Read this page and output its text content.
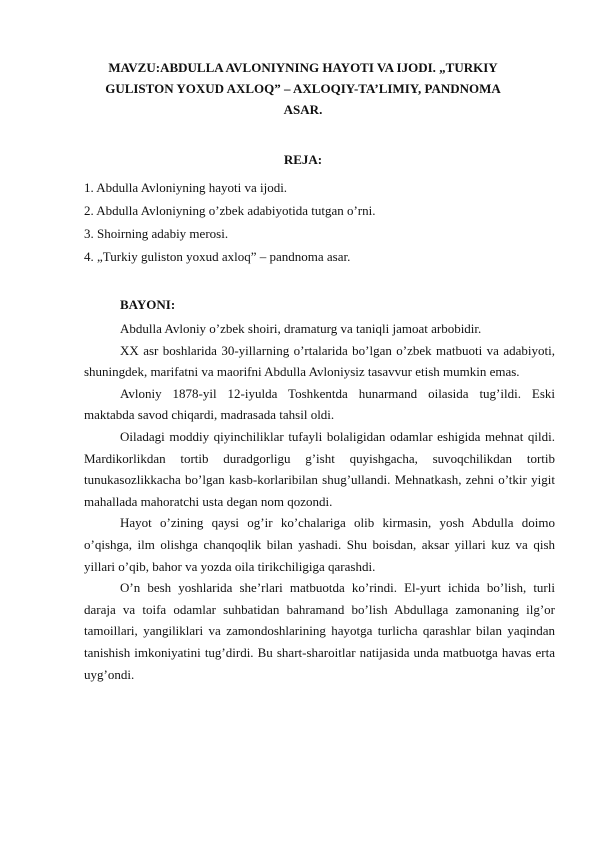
MAVZU:ABDULLA AVLONIYNING HAYOTI VA IJODI. „TURKIY
GULISTON YOXUD AXLOQ” – AXLOQIY-TA’LIMIY, PANDNOMA
ASAR.
REJA:
1. Abdulla Avloniyning hayoti va ijodi.
2. Abdulla Avloniyning o’zbek adabiyotida tutgan o’rni.
3. Shoirning adabiy merosi.
4. „Turkiy guliston yoxud axloq” – pandnoma asar.
BAYONI:

Abdulla Avloniy o’zbek shoiri, dramaturg va taniqli jamoat arbobidir.

XX asr boshlarida 30-yillarning o’rtalarida bo’lgan o’zbek matbuoti va adabiyoti, shuningdek, marifatni va maorifni Abdulla Avloniysiz tasavvur etish mumkin emas.

Avloniy 1878-yil 12-iyulda Toshkentda hunarmand oilasida tug’ildi. Eski maktabda savod chiqardi, madrasada tahsil oldi.

Oiladagi moddiy qiyinchiliklar tufayli bolaligidan odamlar eshigida mehnat qildi. Mardikorlikdan tortib duradgorligu g’isht quyishgacha, suvoqchilikdan tortib tunukasozlikkacha bo’lgan kasb-korlaribilan shug’ullandi. Mehnatkash, zehni o’tkir yigit mahallada mahoratchi usta degan nom qozondi.

Hayot o’zining qaysi og’ir ko’chalariga olib kirmasin, yosh Abdulla doimo o’qishga, ilm olishga chanqoqlik bilan yashadi. Shu boisdan, aksar yillari kuz va qish yillari o’qib, bahor va yozda oila tirikchiligiga qarashdi.

O’n besh yoshlarida she’rlari matbuotda ko’rindi. El-yurt ichida bo’lish, turli daraja va toifa odamlar suhbatidan bahramand bo’lish Abdullaga zamonaning ilg’or tamoillari, yangiliklari va zamondoshlarining hayotga turlicha qarashlar bilan yaqindan tanishish imkoniyatini tug’dirdi. Bu shart-sharoitlar natijasida unda matbuotga havas erta uyg’ondi.
